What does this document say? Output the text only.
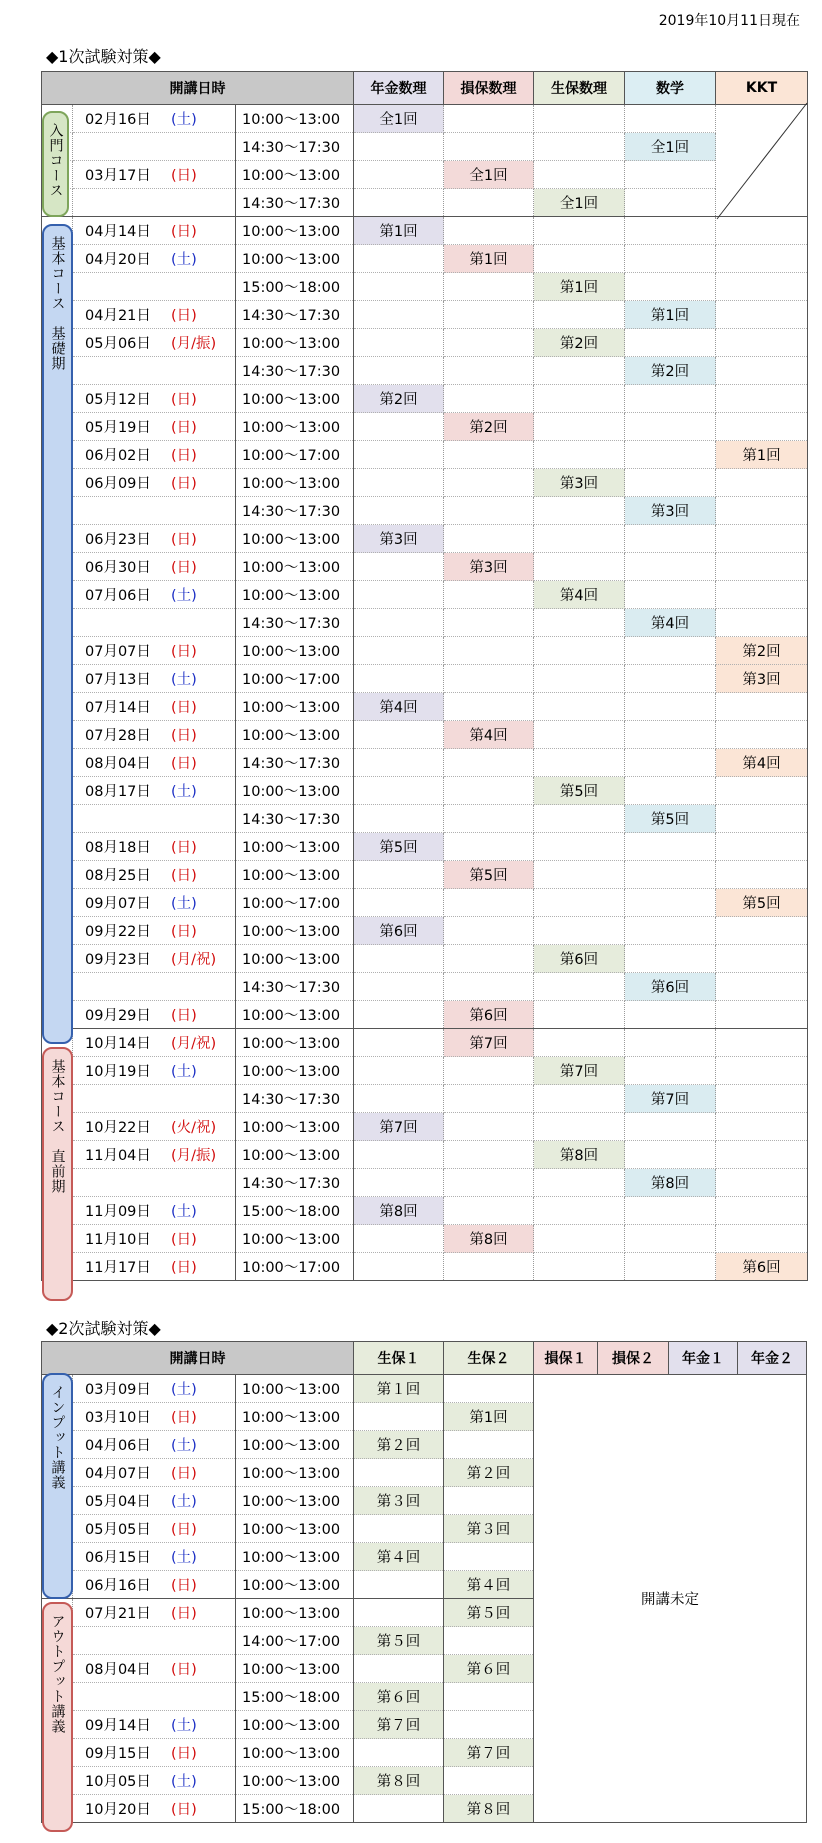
2019年10月11日現在
◆1次試験対策◆
開講日時			年金数理	損保数理	生保数理	数学	KKT
	02月16日 (土)	10:00～13:00	全1回				
		14:30～17:30				全1回	
	03月17日 (日)	10:00～13:00		全1回			
		14:30～17:30			全1回		
	04月14日 (日)	10:00～13:00	第1回				
	04月20日 (土)	10:00～13:00		第1回			
		15:00～18:00			第1回		
	04月21日 (日)	14:30～17:30				第1回	
	05月06日 (月/振)	10:00～13:00			第2回		
		14:30～17:30				第2回	
	05月12日 (日)	10:00～13:00	第2回				
	05月19日 (日)	10:00～13:00		第2回			
	06月02日 (日)	10:00～17:00					第1回
	06月09日 (日)	10:00～13:00			第3回		
		14:30～17:30				第3回	
	06月23日 (日)	10:00～13:00	第3回				
	06月30日 (日)	10:00～13:00		第3回			
	07月06日 (土)	10:00～13:00			第4回		
		14:30～17:30				第4回	
	07月07日 (日)	10:00～13:00					第2回
	07月13日 (土)	10:00～17:00					第3回
	07月14日 (日)	10:00～13:00	第4回				
	07月28日 (日)	10:00～13:00		第4回			
	08月04日 (日)	14:30～17:30					第4回
	08月17日 (土)	10:00～13:00			第5回		
		14:30～17:30				第5回	
	08月18日 (日)	10:00～13:00	第5回				
	08月25日 (日)	10:00～13:00		第5回			
	09月07日 (土)	10:00～17:00					第5回
	09月22日 (日)	10:00～13:00	第6回				
	09月23日 (月/祝)	10:00～13:00			第6回		
		14:30～17:30				第6回	
	09月29日 (日)	10:00～13:00		第6回			
	10月14日 (月/祝)	10:00～13:00		第7回			
	10月19日 (土)	10:00～13:00			第7回		
		14:30～17:30				第7回	
	10月22日 (火/祝)	10:00～13:00	第7回				
	11月04日 (月/振)	10:00～13:00			第8回		
		14:30～17:30				第8回	
	11月09日 (土)	15:00～18:00	第8回				
	11月10日 (日)	10:00～13:00		第8回			
	11月17日 (日)	10:00～17:00					第6回
入門コース
基本コース　基礎期
基本コース　直前期
◆2次試験対策◆
開講日時			生保１	生保２	損保１	損保２	年金１	年金２
	03月09日 (土)	10:00～13:00	第１回		開講未定			
	03月10日 (日)	10:00～13:00		第1回				
	04月06日 (土)	10:00～13:00	第２回					
	04月07日 (日)	10:00～13:00		第２回				
	05月04日 (土)	10:00～13:00	第３回					
	05月05日 (日)	10:00～13:00		第３回				
	06月15日 (土)	10:00～13:00	第４回					
	06月16日 (日)	10:00～13:00		第４回				
	07月21日 (日)	10:00～13:00		第５回				
		14:00～17:00	第５回					
	08月04日 (日)	10:00～13:00		第６回				
		15:00～18:00	第６回					
	09月14日 (土)	10:00～13:00	第７回					
	09月15日 (日)	10:00～13:00		第７回				
	10月05日 (土)	10:00～13:00	第８回					
	10月20日 (日)	15:00～18:00		第８回				
インプット講義
アウトプット講義
